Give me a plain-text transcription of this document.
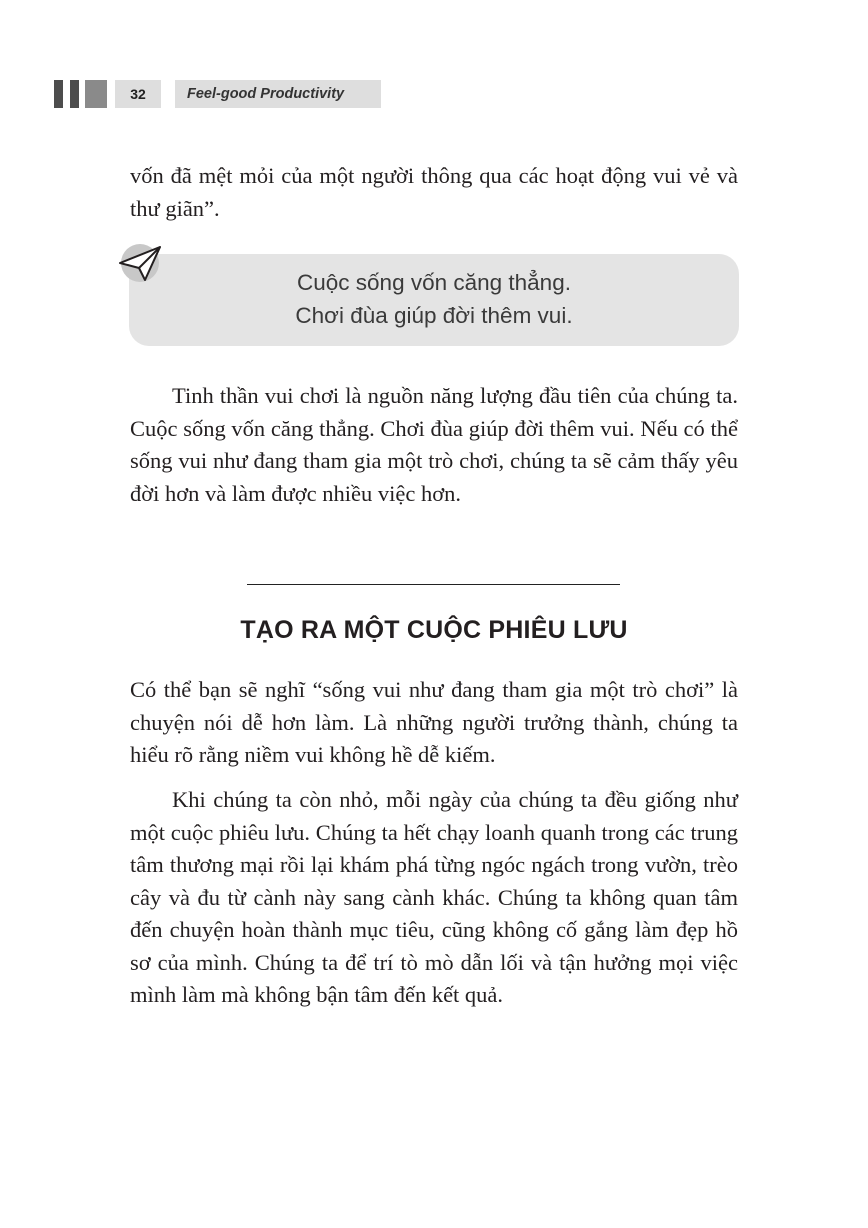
32	Feel-good Productivity

vốn đã mệt mỏi của một người thông qua các hoạt động vui vẻ và thư giãn”.

Cuộc sống vốn căng thẳng.
Chơi đùa giúp đời thêm vui.

Tinh thần vui chơi là nguồn năng lượng đầu tiên của chúng ta. Cuộc sống vốn căng thẳng. Chơi đùa giúp đời thêm vui. Nếu có thể sống vui như đang tham gia một trò chơi, chúng ta sẽ cảm thấy yêu đời hơn và làm được nhiều việc hơn.

TẠO RA MỘT CUỘC PHIÊU LƯU

Có thể bạn sẽ nghĩ “sống vui như đang tham gia một trò chơi” là chuyện nói dễ hơn làm. Là những người trưởng thành, chúng ta hiểu rõ rằng niềm vui không hề dễ kiếm.

Khi chúng ta còn nhỏ, mỗi ngày của chúng ta đều giống như một cuộc phiêu lưu. Chúng ta hết chạy loanh quanh trong các trung tâm thương mại rồi lại khám phá từng ngóc ngách trong vườn, trèo cây và đu từ cành này sang cành khác. Chúng ta không quan tâm đến chuyện hoàn thành mục tiêu, cũng không cố gắng làm đẹp hồ sơ của mình. Chúng ta để trí tò mò dẫn lối và tận hưởng mọi việc mình làm mà không bận tâm đến kết quả.
